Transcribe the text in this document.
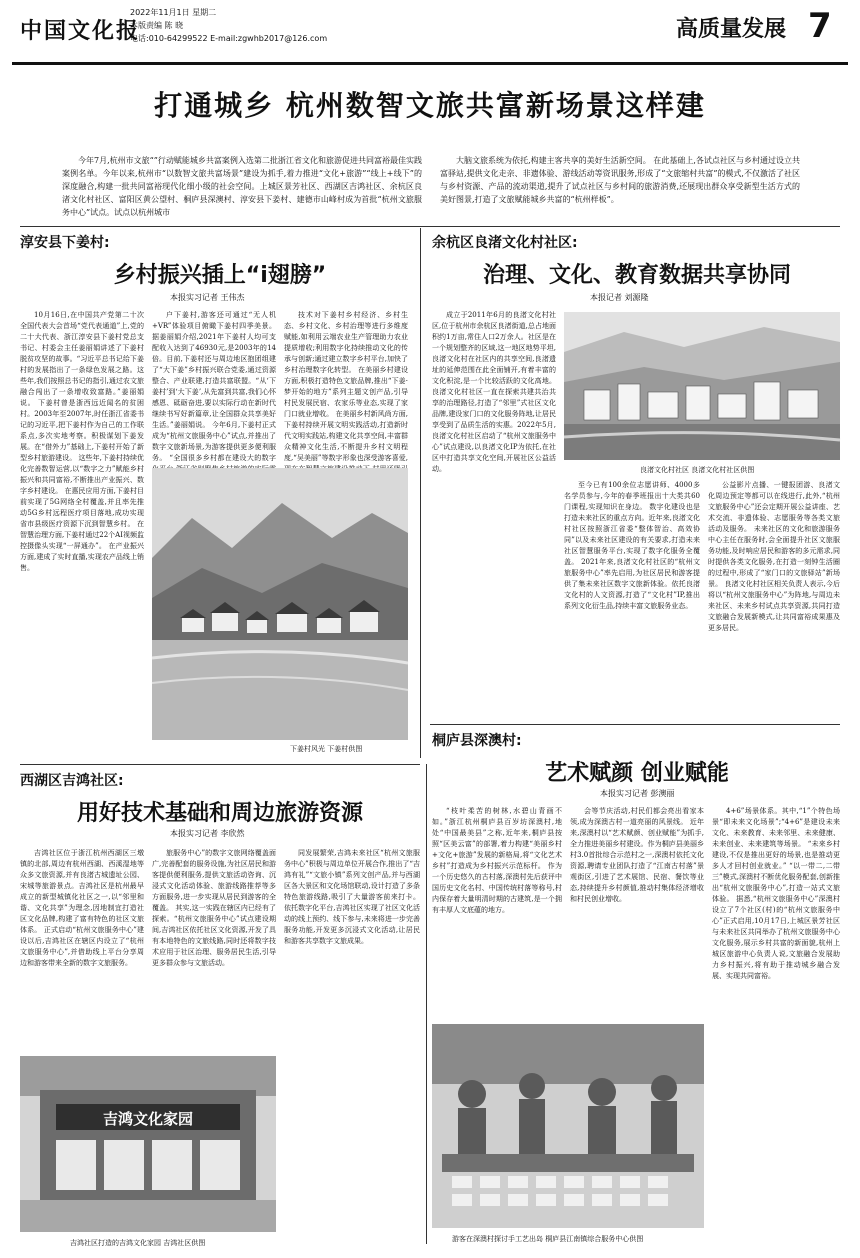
中国文化报
2022年11月1日 星期二
本版责编 陈 晓
电话:010-64299522 E-mail:zgwhb2017@126.com	高质量发展 7
打通城乡 杭州数智文旅共富新场景这样建
今年7月,杭州市文旅“”行动赋能城乡共富案例入选第二批浙江省文化和旅游促进共同富裕最佳实践案例名单。今年以来,杭州市“以数智文旅共富场景”建设为抓手,着力推进“文化+旅游”“线上+线下”的深度融合,构建一批共同富裕现代化细小级的社会空间。上城区景芳社区、西湖区吉鸿社区、余杭区良渚文化村社区、富阳区黄公望村、桐庐县深澳村、淳安县下姜村、建德市山峰村成为首批“杭州文旅服务中心”试点。试点以杭州城市
大脑文旅系统为依托,构建主客共享的美好生活新空间。 在此基础上,各试点社区与乡村通过设立共富驿站,提供文化走亲、非遗体验、游线活动等资讯服务,形成了“文旅缩村共富”的模式,不仅激活了社区与乡村资源、产品的流动渠道,提升了试点社区与乡村间的旅游消费,还展现出群众享受新型生活方式的美好图景,打造了文旅赋能城乡共富的“杭州样板”。
淳安县下姜村:
乡村振兴插上“i翅膀”
本报实习记者 王伟杰
10月16日,在中国共产党第二十次全国代表大会首场“党代表通道”上,党的二十大代表、浙江淳安县下姜村党总支书记、村委会主任姜丽娟讲述了下姜村脱贫攻坚的故事。“习近平总书记给下姜村的发展指出了一条绿色发展之路。这些年,我们按照总书记的指引,通过农文旅融合闯出了一条增收致富路。”姜丽娟说。 下姜村曾是浙西远近闻名的贫困村。2003年至2007年,时任浙江省委书记的习近平,把下姜村作为自己的工作联系点,多次实地考察。积极谋划下姜发展。在“借外力”基础上,下姜村开始了新型乡村旅游建设。 这些年,下姜村持续优化完善数智运营,以“数字之力”赋能乡村振兴和共同富裕,不断推出产业振兴、数字乡村建设。 在惠民应用方面,下姜村目前实现了5G网络全村覆盖,并且率先推动5G乡村远程医疗项目落地,成功实现省市县级医疗资源下沉到智慧乡村。 在智慧治理方面,下姜村通过22个AI视频监控摄像头实现“一屏通办”。 在产业振兴方面,建成了实时直播,实现农产品线上销售。
户下姜村,游客还可通过“无人机+VR”体验项目俯瞰下姜村四季美景。 据姜丽娟介绍,2021年下姜村人均可支配收入达到了46930元,是2003年的14倍。目前,下姜村还与周边地区抱团组建了“大下姜”乡村振兴联合党委,通过资源整合、产业联建,打造共富联盟。“从‘下姜村’到‘大下姜’,从先富到共富,我们心怀感恩、砥砺奋进,要以实际行动在新时代继续书写好新篇章,让全国群众共享美好生活。”姜丽娟说。 今年6月,下姜村正式成为“杭州文旅服务中心”试点,并推出了数字文旅新场景,为游客提供更多便利服务。 “全国很多乡村都在建设大的数字
技术对下姜村乡村经济、乡村生态、乡村文化、乡村治理等进行多维度赋能,如利用云端农业生产管理助力农业提质增收;利用数字化持续推动文化的传承与创新;通过建立数字乡村平台,加快了乡村治理数字化转型。 在美丽乡村建设方面,积极打造特色文旅品牌,推出“下姜·梦开始的地方”系列主题文创产品,引导村民发展民宿、农家乐等业态,实现了家门口就业增收。 在美丽乡村新风尚方面,下姜村持续开展文明实践活动,打造新时代文明实践站,构建文化共享空间,丰富群众精神文化生活,不断提升乡村文明程度,“吴美丽”等数字形象也深受游客喜爱,
下姜村风光 下姜村供图
余杭区良渚文化村社区:
治理、文化、教育数据共享协同
本报记者 刘源隆
成立于2011年6月的良渚文化村社区,位于杭州市余杭区良渚街道,总占地面积约1万亩,常住人口2万余人。社区是在一个规划整齐的区域,这一地区地势平坦,良渚文化村在社区内的共享空间,良渚遗址的延伸范围在此全面铺开,有着丰富的文化积淀,是一个比较活跃的文化高地。 良渚文化村社区一直在探索共建共治共享的治理路径,打造了“邻里”式社区文化品牌,建设家门口的文化服务阵地,让居民享受到了品质生活的实惠。2022年5月,良渚文化村社区启动了“杭州文旅服务中心”试点建设,以良渚文化IP为依托,在社区中打造共享文化空间,开展社区公益活动。	良渚文化村社区 良渚文化村社区供图
至今已有100余位志愿讲师、4000多名学员参与,今年的春季班报出十大类共60门课程,实现知识在身边。 数字化建设也是打造未来社区的重点方向。近年来,良渚文化村社区按照浙江省委“整体智治、高效协同”以及未来社区建设的有关要求,打造未来社区智慧服务平台,实现了数字化服务全覆盖。 2021年来,良渚文化村社区的“杭州文旅服务中心”率先启用,为社区居民和游客提供了集未来社区数字文旅新体验。依托良渚文化村的人文资源,打造了“文化村”IP,推出系列文化衍生品,持续丰富文旅服务业态。
公益影片点播、一键报团游、良渚文化周边预定等都可以在线进行,此外,“杭州文旅服务中心”还会定期开展公益讲座、艺术交流、非遗体验、志愿服务等各类文旅活动及服务。 未来社区的文化和旅游服务中心主任在服务时,会全面提升社区文旅服务功能,及时响应居民和游客的多元需求,同时提供各类文化服务,在打造一刻钟生活圈的过程中,形成了“家门口的文旅驿站”新场景。 良渚文化村社区相关负责人表示,今后将以“杭州文旅服务中心”为阵地,与周边未来社区、未来乡村试点共享资源,共同打造文旅融合发展新模式,让共同富裕成果惠及更多居民。
桐庐县深澳村:
艺术赋颜 创业赋能
本报实习记者 彭澳丽
“枝叶柔苦的树林,水碧山青画不如。”浙江杭州桐庐县百岁坊深澳村,地处“中国最美县”之称,近年来,桐庐县按照“区美云富”的部署,着力构建“美丽乡村+文化+旅游”发展的新格局,将“文化艺术乡村”打造成为乡村振兴示范标杆。 作为一个历史悠久的古村落,深澳村先后获评中国历史文化名村、中国传统村落等称号,村内保存着大量明清时期的古建筑,是一个拥有丰厚人文底蕴的地方。
会等节庆活动,村民们都会亮出看家本领,成为深澳古村一道亮丽的风景线。 近年来,深澳村以“艺术赋颜、创业赋能”为抓手,全力推进美丽乡村建设。作为桐庐县美丽乡村3.0首批综合示范村之一,深澳村依托文化资源,聘请专业团队打造了“江南古村落”景观街区,引进了艺术展馆、民宿、餐饮等业态,持续提升乡村颜值,推动村集体经济增收和村民创业增收。
4+6”场景体系。其中,“1”个特色场景“即未来文化场景”;“4+6”是建设未来文化、未来教育、未来邻里、未来健康、未来创业、未来建筑等场景。 “未来乡村建设,不仅是推出更好的场景,也是推动更多人才回村创业就业。” “以一带二,二带三”模式,深澳村不断优化服务配套,创新推出“杭州文旅服务中心”,打造一站式文旅体验。 据悉,“杭州文旅服务中心”深澳村设立了7个社区(村)的“杭州文旅服务中心”正式启用,10月17日,上城区景芳社区与未来社区共同举办了杭州文旅服务中心文化服务,展示乡村共富的新面貌,杭州上城区旅游中心负责人说,文旅融合发展助力乡村振兴,将有助于推动城乡融合发展、实现共同富裕。
游客在深澳村探讨手工艺出岛 桐庐县江南镇综合服务中心供图
西湖区吉鸿社区:
用好技术基础和周边旅游资源
本报实习记者 李欣然
吉鸿社区位于浙江杭州西湖区三墩镇的北部,周边有杭州西湖、西溪湿地等众多文旅资源,并有良渚古城遗址公园、宋城等旅游景点。吉鸿社区是杭州最早成立的新型城镇化社区之一,以“邻里和谐、文化共享”为理念,因地制宜打造社区文化品牌,构建了富有特色的社区文旅体系。 正式启动“杭州文旅服务中心”建设以后,吉鸿社区在辖区内设立了“杭州文旅服务中心”,并借助线上平台分享周边和游客带来全新的数字文旅服务。
旅服务中心”的数字文旅网络覆盖面广,完善配套的服务设施,为社区居民和游客提供便利服务,提供文旅活动咨询、沉浸式文化活动体验、旅游线路推荐等多方面服务,进一步实现从居民到游客的全覆盖。 其实,这一实践在辖区内已经有了探索。“杭州文旅服务中心”试点建设期间,吉鸿社区依托社区文化资源,开发了具有本地特色的文旅线路,同时还将数字技术应用于社区治理、服务居民生活,引导更多群众参与文旅活动。
同发展繁荣,吉鸿未来社区“杭州文旅服务中心”积极与周边单位开展合作,推出了“吉鸿有礼”“文旅小镇”系列文创产品,并与西湖区各大景区和文化场馆联动,设计打造了多条特色旅游线路,吸引了大量游客前来打卡。 依托数字化平台,吉鸿社区实现了社区文化活动的线上预约、线下参与,未来将进一步完善服务功能,开发更多沉浸式文化活动,让居民和游客共享数字文旅成果。
吉鸿文化家园
吉鸿社区打造的吉鸿文化家园 吉鸿社区供图
